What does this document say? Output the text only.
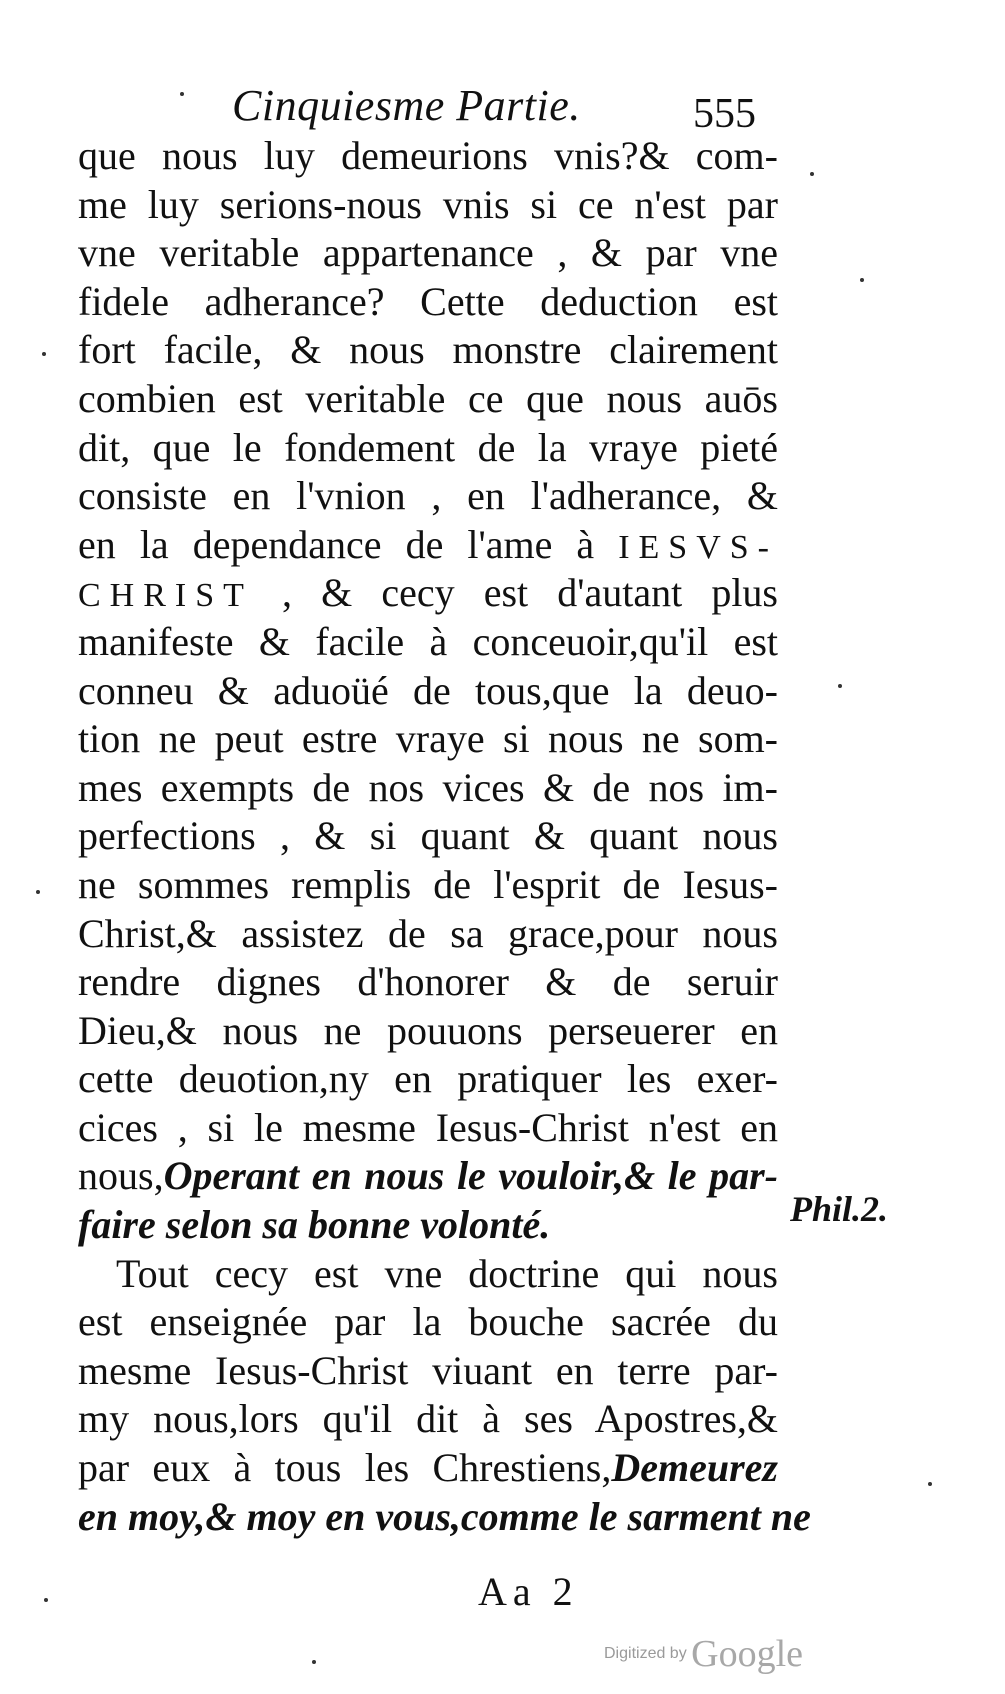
Cinquiesme Partie.	555
que nous luy demeurions vnis?& com-
me luy serions-nous vnis si ce n'est par
vne veritable appartenance , & par vne
fidele adherance? Cette deduction est
fort facile, & nous monstre clairement
combien est veritable ce que nous auōs
dit, que le fondement de la vraye pieté
consiste en l'vnion , en l'adherance, &
en la dependance de l'ame à IESVS-
CHRIST , & cecy est d'autant plus
manifeste & facile à conceuoir,qu'il est
conneu & aduoüé de tous,que la deuo-
tion ne peut estre vraye si nous ne som-
mes exempts de nos vices & de nos im-
perfections , & si quant & quant nous
ne sommes remplis de l'esprit de Iesus-
Christ,& assistez de sa grace,pour nous
rendre dignes d'honorer & de seruir
Dieu,& nous ne pouuons perseuerer en
cette deuotion,ny en pratiquer les exer-
cices , si le mesme Iesus-Christ n'est en
nous,Operant en nous le vouloir,& le par-
faire selon sa bonne volonté.
Tout cecy est vne doctrine qui nous
est enseignée par la bouche sacrée du
mesme Iesus-Christ viuant en terre par-
my nous,lors qu'il dit à ses Apostres,&
par eux à tous les Chrestiens,Demeurez
en moy,& moy en vous,comme le sarment ne
Phil.2.
Aa 2
Digitized by Google
